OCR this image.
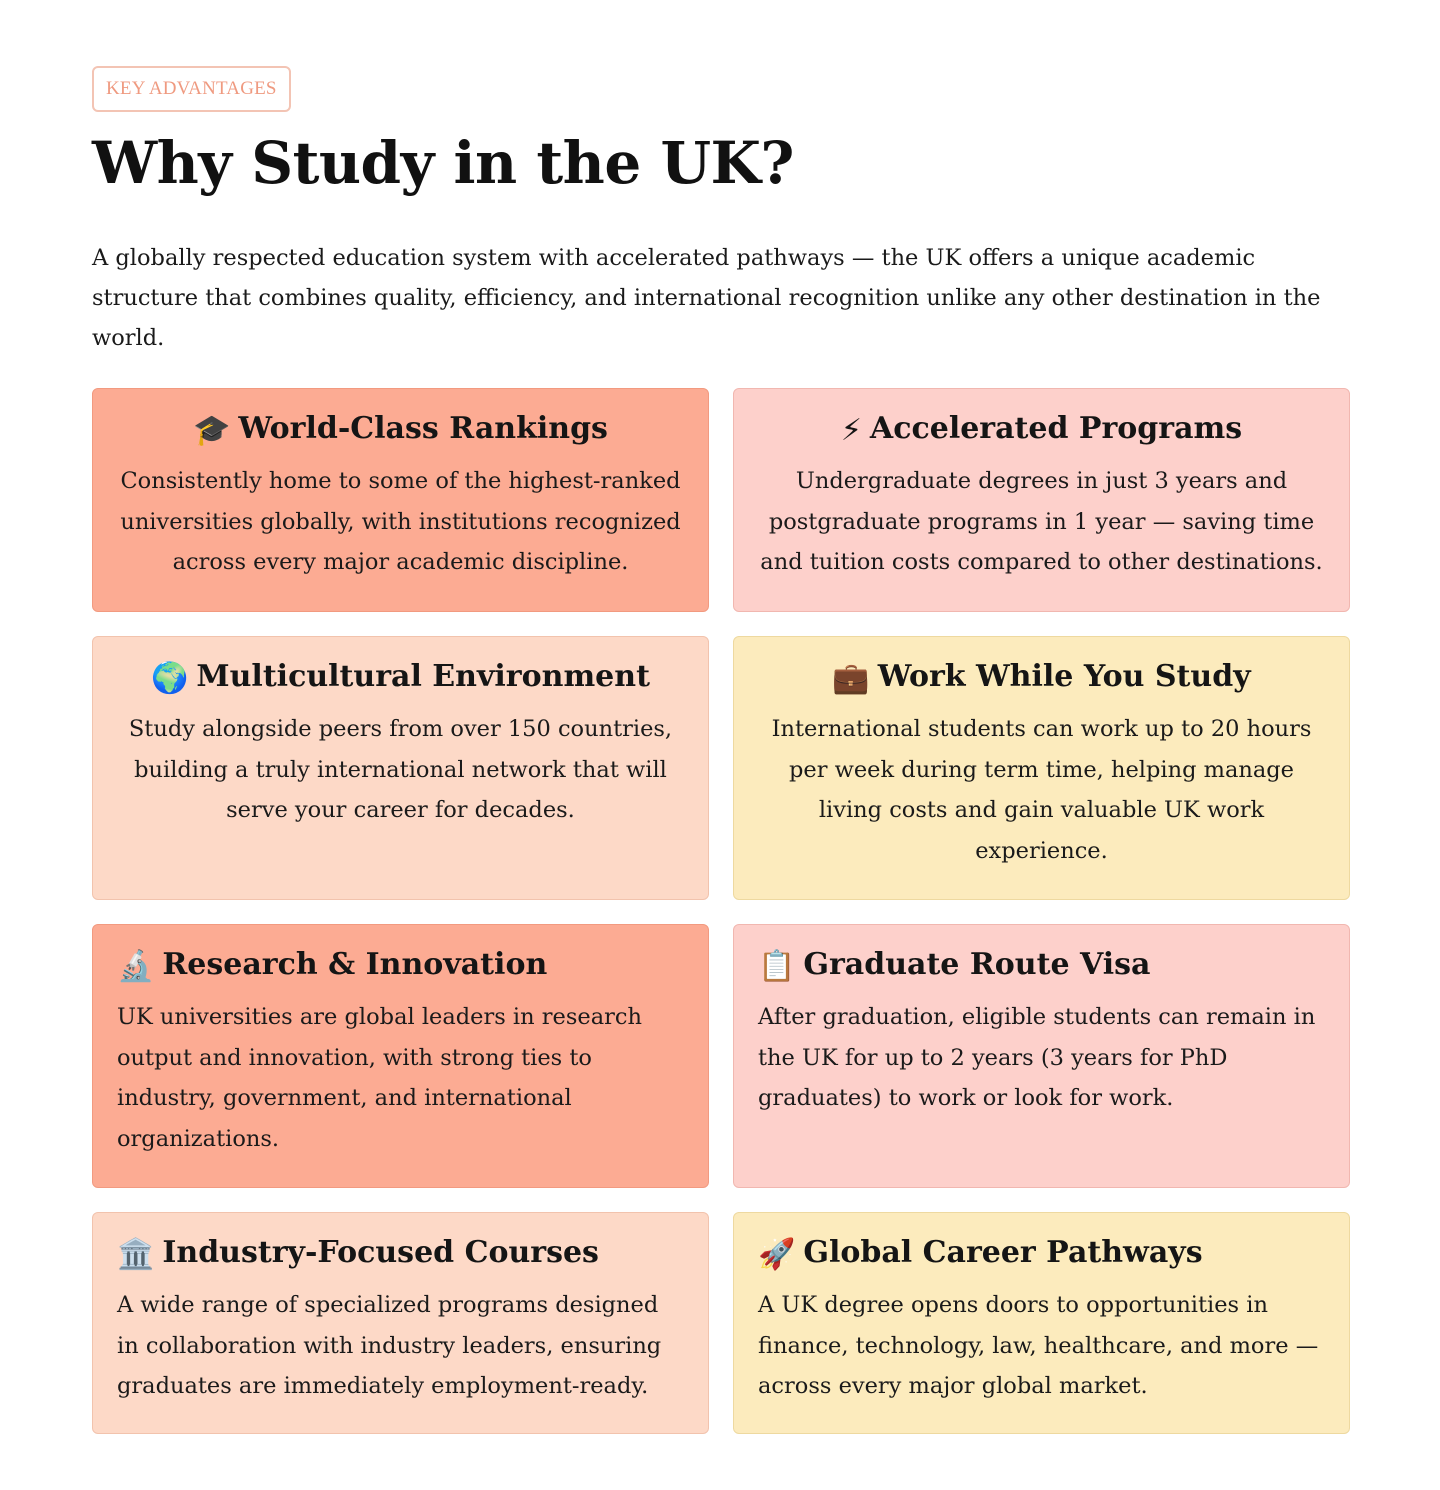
KEY ADVANTAGES
Why Study in the UK?

A globally respected education system with accelerated pathways — the UK offers a unique academic structure that combines quality, efficiency, and international recognition unlike any other destination in the world.

🎓 World-Class Rankings
Consistently home to some of the highest-ranked universities globally, with institutions recognized across every major academic discipline.
⚡ Accelerated Programs
Undergraduate degrees in just 3 years and postgraduate programs in 1 year — saving time and tuition costs compared to other destinations.
🌍 Multicultural Environment
Study alongside peers from over 150 countries, building a truly international network that will serve your career for decades.
💼 Work While You Study
International students can work up to 20 hours per week during term time, helping manage living costs and gain valuable UK work experience.
🔬 Research & Innovation
UK universities are global leaders in research output and innovation, with strong ties to industry, government, and international organizations.
📋 Graduate Route Visa
After graduation, eligible students can remain in the UK for up to 2 years (3 years for PhD graduates) to work or look for work.
🏛️ Industry-Focused Courses
A wide range of specialized programs designed in collaboration with industry leaders, ensuring graduates are immediately employment-ready.
🚀 Global Career Pathways
A UK degree opens doors to opportunities in finance, technology, law, healthcare, and more — across every major global market.
